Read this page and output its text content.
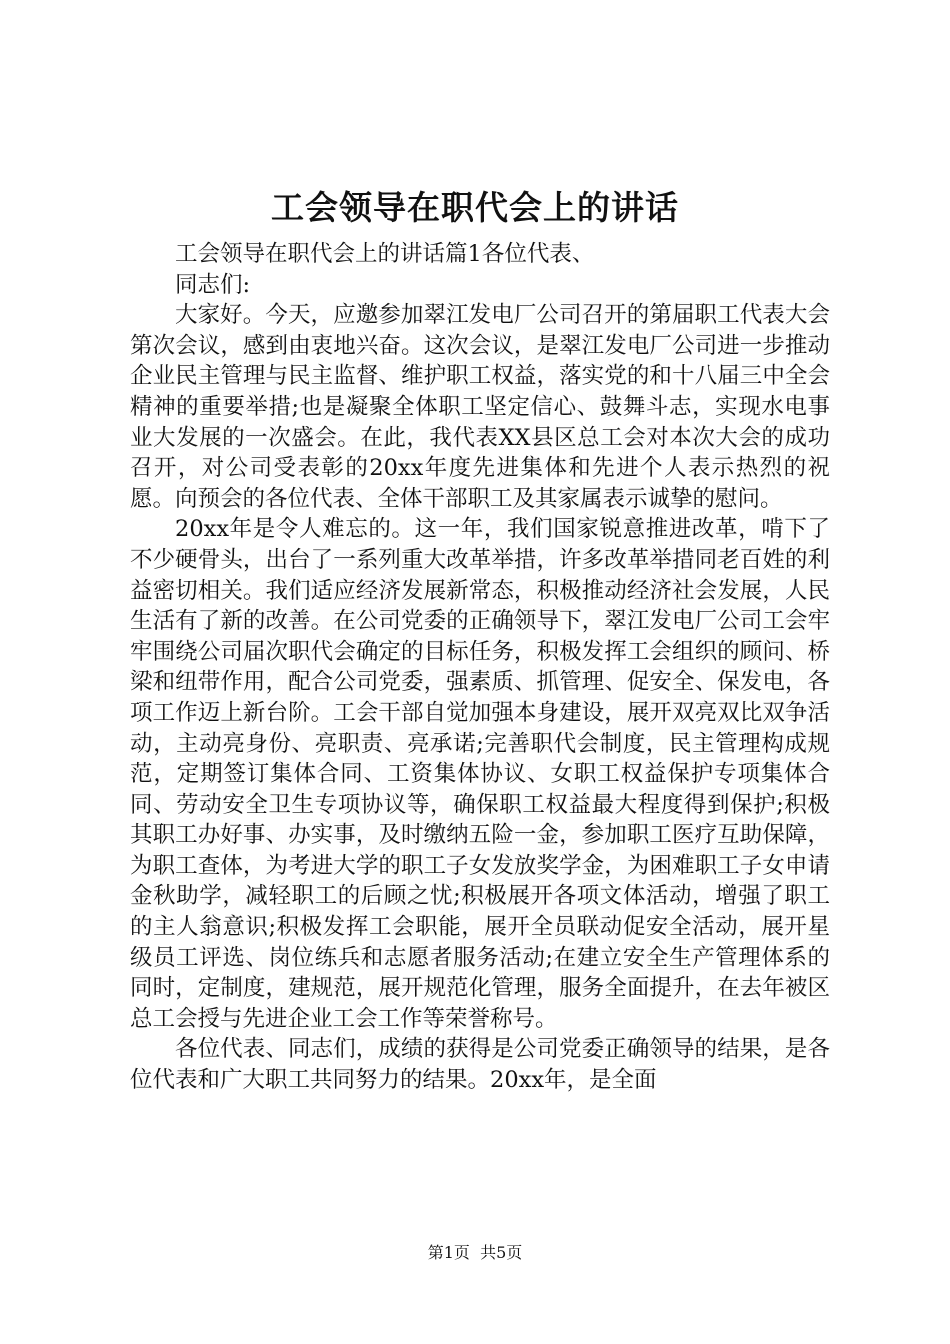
工会领导在职代会上的讲话

工会领导在职代会上的讲话篇1各位代表、

同志们:

大家好。今天，应邀参加翠江发电厂公司召开的第届职工代表大会第次会议，感到由衷地兴奋。这次会议，是翠江发电厂公司进一步推动企业民主管理与民主监督、维护职工权益，落实党的和十八届三中全会精神的重要举措;也是凝聚全体职工坚定信心、鼓舞斗志，实现水电事业大发展的一次盛会。在此，我代表XX县区总工会对本次大会的成功召开，对公司受表彰的20xx年度先进集体和先进个人表示热烈的祝愿。向预会的各位代表、全体干部职工及其家属表示诚挚的慰问。

20xx年是令人难忘的。这一年，我们国家锐意推进改革，啃下了不少硬骨头，出台了一系列重大改革举措，许多改革举措同老百姓的利益密切相关。我们适应经济发展新常态，积极推动经济社会发展，人民生活有了新的改善。在公司党委的正确领导下，翠江发电厂公司工会牢牢围绕公司届次职代会确定的目标任务，积极发挥工会组织的顾问、桥梁和纽带作用，配合公司党委，强素质、抓管理、促安全、保发电，各项工作迈上新台阶。工会干部自觉加强本身建设，展开双亮双比双争活动，主动亮身份、亮职责、亮承诺;完善职代会制度，民主管理构成规范，定期签订集体合同、工资集体协议、女职工权益保护专项集体合同、劳动安全卫生专项协议等，确保职工权益最大程度得到保护;积极其职工办好事、办实事，及时缴纳五险一金，参加职工医疗互助保障，为职工查体，为考进大学的职工子女发放奖学金，为困难职工子女申请金秋助学，减轻职工的后顾之忧;积极展开各项文体活动，增强了职工的主人翁意识;积极发挥工会职能，展开全员联动促安全活动，展开星级员工评选、岗位练兵和志愿者服务活动;在建立安全生产管理体系的同时，定制度，建规范，展开规范化管理，服务全面提升，在去年被区总工会授与先进企业工会工作等荣誉称号。

各位代表、同志们，成绩的获得是公司党委正确领导的结果，是各位代表和广大职工共同努力的结果。20xx年，是全面

第1页 共5页
